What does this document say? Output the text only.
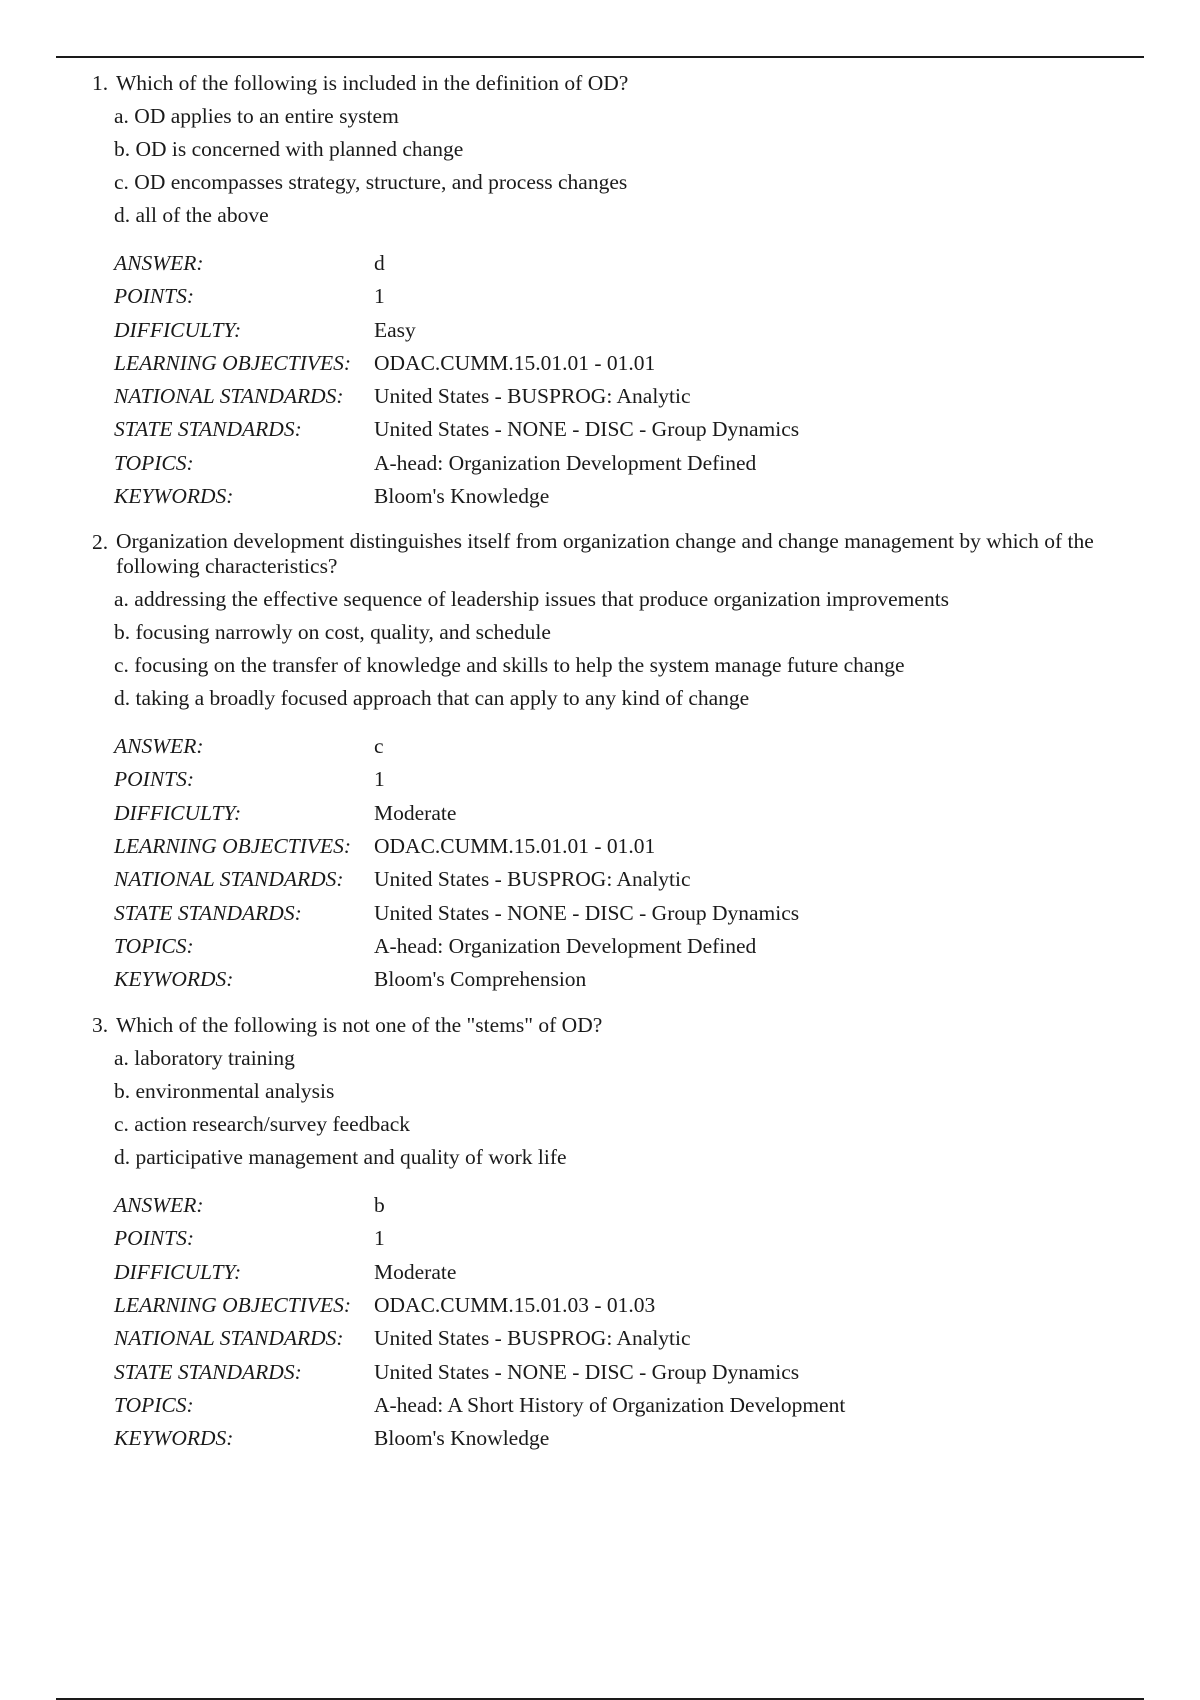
1. Which of the following is included in the definition of OD?
a. OD applies to an entire system
b. OD is concerned with planned change
c. OD encompasses strategy, structure, and process changes
d. all of the above
ANSWER:	d
POINTS:	1
DIFFICULTY:	Easy
LEARNING OBJECTIVES:	ODAC.CUMM.15.01.01 - 01.01
NATIONAL STANDARDS:	United States - BUSPROG: Analytic
STATE STANDARDS:	United States - NONE - DISC - Group Dynamics
TOPICS:	A-head: Organization Development Defined
KEYWORDS:	Bloom's Knowledge
2. Organization development distinguishes itself from organization change and change management by which of the following characteristics?
a. addressing the effective sequence of leadership issues that produce organization improvements
b. focusing narrowly on cost, quality, and schedule
c. focusing on the transfer of knowledge and skills to help the system manage future change
d. taking a broadly focused approach that can apply to any kind of change
ANSWER:	c
POINTS:	1
DIFFICULTY:	Moderate
LEARNING OBJECTIVES:	ODAC.CUMM.15.01.01 - 01.01
NATIONAL STANDARDS:	United States - BUSPROG: Analytic
STATE STANDARDS:	United States - NONE - DISC - Group Dynamics
TOPICS:	A-head: Organization Development Defined
KEYWORDS:	Bloom's Comprehension
3. Which of the following is not one of the "stems" of OD?
a. laboratory training
b. environmental analysis
c. action research/survey feedback
d. participative management and quality of work life
ANSWER:	b
POINTS:	1
DIFFICULTY:	Moderate
LEARNING OBJECTIVES:	ODAC.CUMM.15.01.03 - 01.03
NATIONAL STANDARDS:	United States - BUSPROG: Analytic
STATE STANDARDS:	United States - NONE - DISC - Group Dynamics
TOPICS:	A-head: A Short History of Organization Development
KEYWORDS:	Bloom's Knowledge
